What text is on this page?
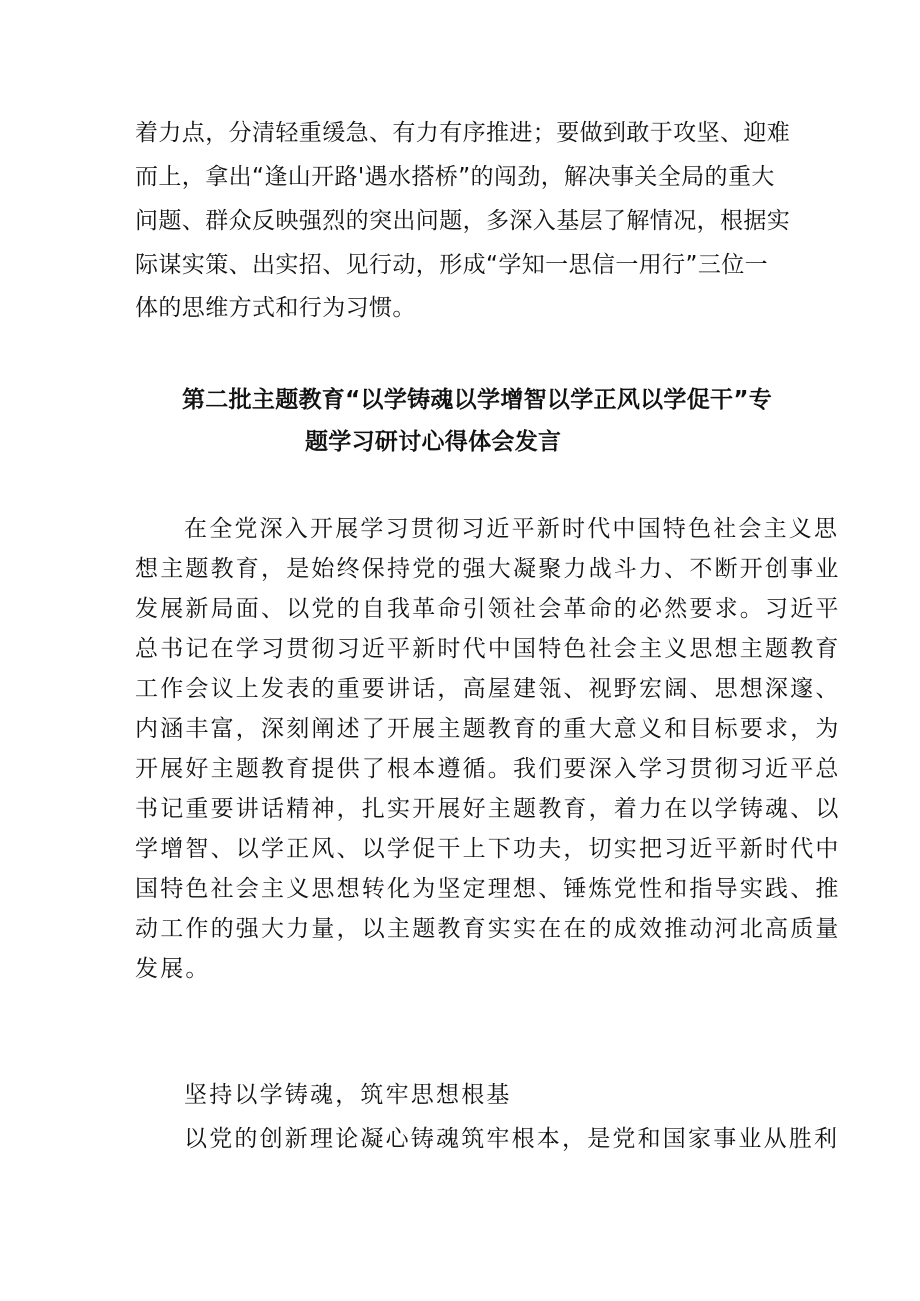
着力点，分清轻重缓急、有力有序推进；要做到敢于攻坚、迎难
而上，拿出“逢山开路'遇水搭桥”的闯劲，解决事关全局的重大
问题、群众反映强烈的突出问题，多深入基层了解情况，根据实
际谋实策、出实招、见行动，形成“学知一思信一用行”三位一
体的思维方式和行为习惯。
第二批主题教育“以学铸魂以学增智以学正风以学促干”专
题学习研讨心得体会发言
在全党深入开展学习贯彻习近平新时代中国特色社会主义思
想主题教育，是始终保持党的强大凝聚力战斗力、不断开创事业
发展新局面、以党的自我革命引领社会革命的必然要求。习近平
总书记在学习贯彻习近平新时代中国特色社会主义思想主题教育
工作会议上发表的重要讲话，高屋建瓴、视野宏阔、思想深邃、
内涵丰富，深刻阐述了开展主题教育的重大意义和目标要求，为
开展好主题教育提供了根本遵循。我们要深入学习贯彻习近平总
书记重要讲话精神，扎实开展好主题教育，着力在以学铸魂、以
学增智、以学正风、以学促干上下功夫，切实把习近平新时代中
国特色社会主义思想转化为坚定理想、锤炼党性和指导实践、推
动工作的强大力量，以主题教育实实在在的成效推动河北高质量
发展。
坚持以学铸魂，筑牢思想根基
以党的创新理论凝心铸魂筑牢根本，是党和国家事业从胜利
